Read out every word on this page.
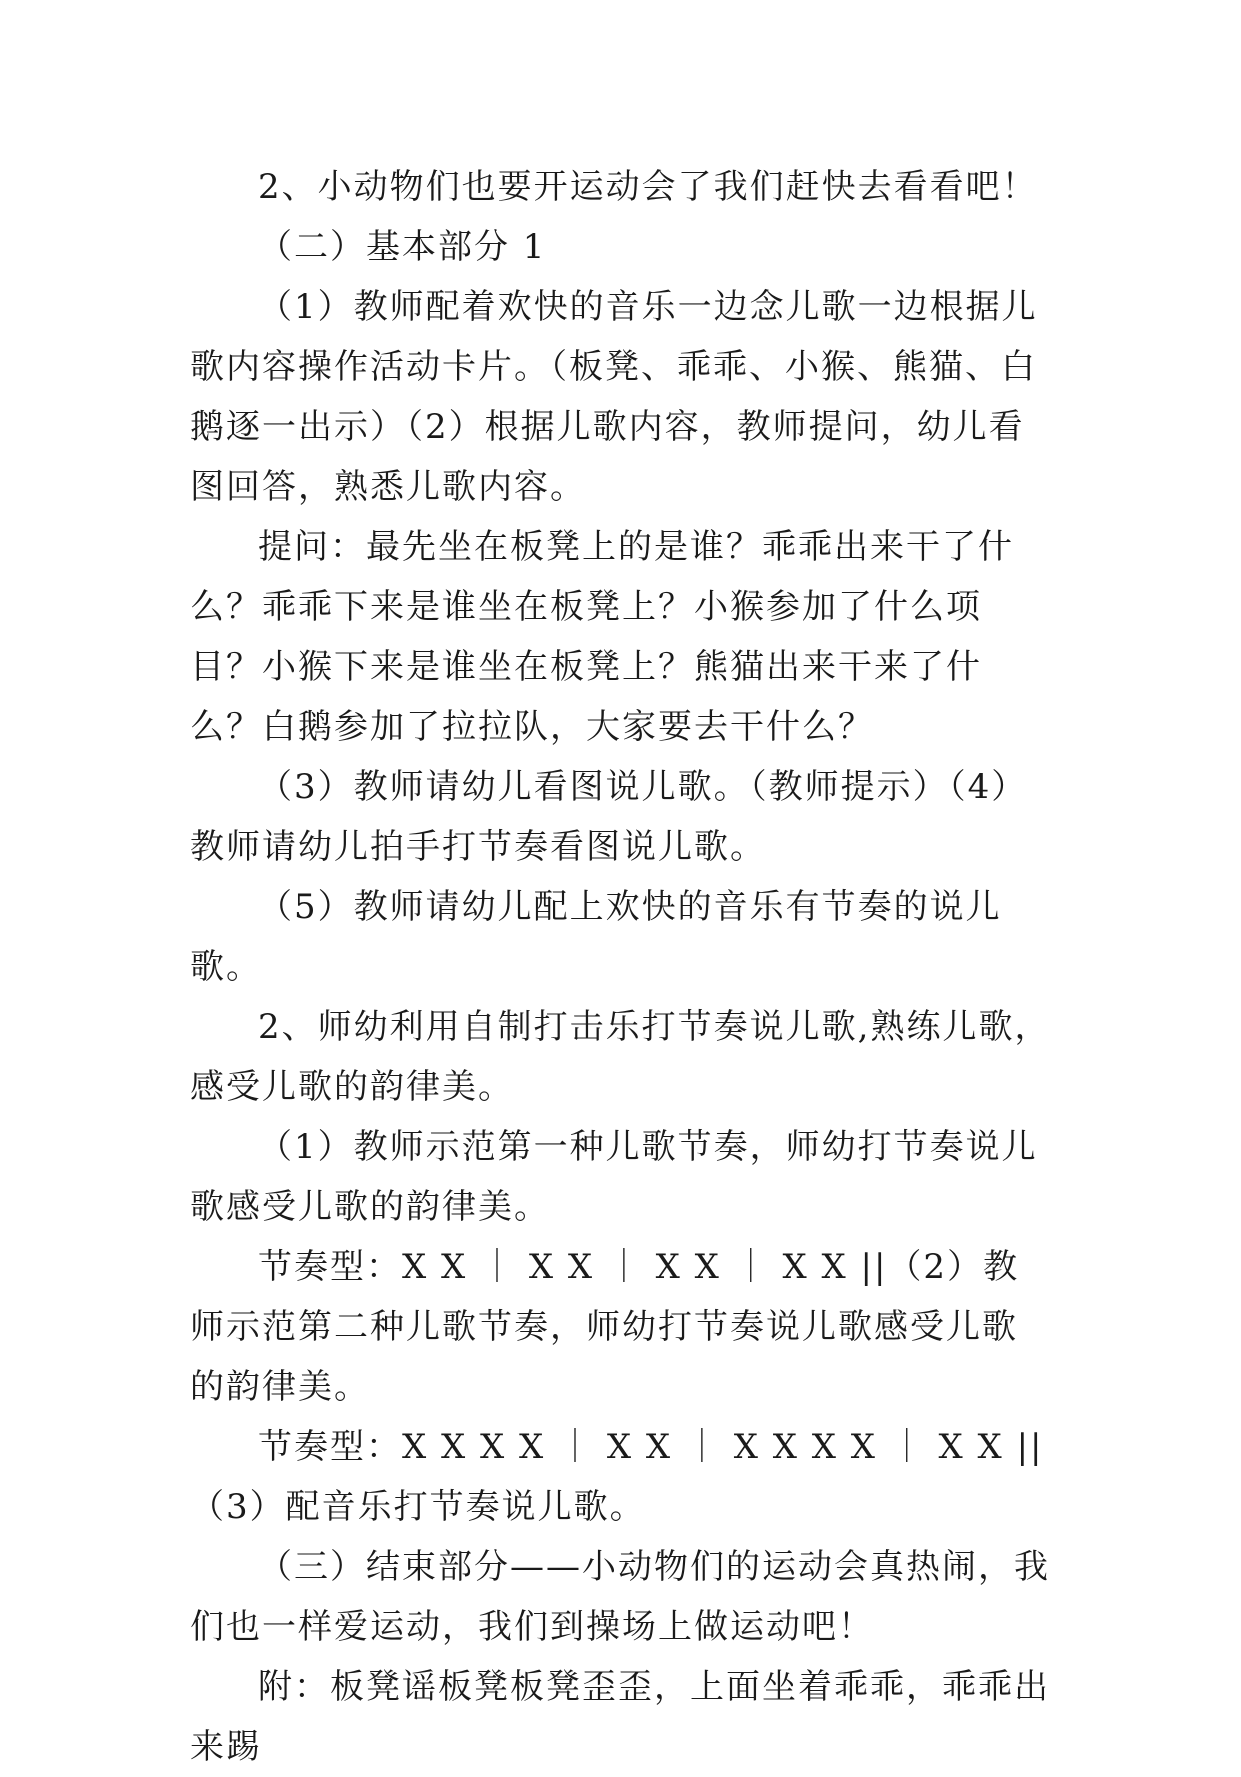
2、小动物们也要开运动会了我们赶快去看看吧！

（二）基本部分 1

（1）教师配着欢快的音乐一边念儿歌一边根据儿歌内容操作活动卡片。（板凳、乖乖、小猴、熊猫、白鹅逐一出示）（2）根据儿歌内容，教师提问，幼儿看图回答，熟悉儿歌内容。

提问：最先坐在板凳上的是谁？乖乖出来干了什么？乖乖下来是谁坐在板凳上？小猴参加了什么项目？小猴下来是谁坐在板凳上？熊猫出来干来了什么？白鹅参加了拉拉队，大家要去干什么？

（3）教师请幼儿看图说儿歌。（教师提示）（4）教师请幼儿拍手打节奏看图说儿歌。

（5）教师请幼儿配上欢快的音乐有节奏的说儿歌。

2、师幼利用自制打击乐打节奏说儿歌,熟练儿歌，感受儿歌的韵律美。

（1）教师示范第一种儿歌节奏，师幼打节奏说儿歌感受儿歌的韵律美。

节奏型：X X ｜ X X ｜ X X ｜ X X ||（2）教师示范第二种儿歌节奏，师幼打节奏说儿歌感受儿歌的韵律美。

节奏型：X X X X ｜ X X ｜ X X X X ｜ X X ||（3）配音乐打节奏说儿歌。

（三）结束部分——小动物们的运动会真热闹，我们也一样爱运动，我们到操场上做运动吧！

附：板凳谣板凳板凳歪歪，上面坐着乖乖，乖乖出来踢
